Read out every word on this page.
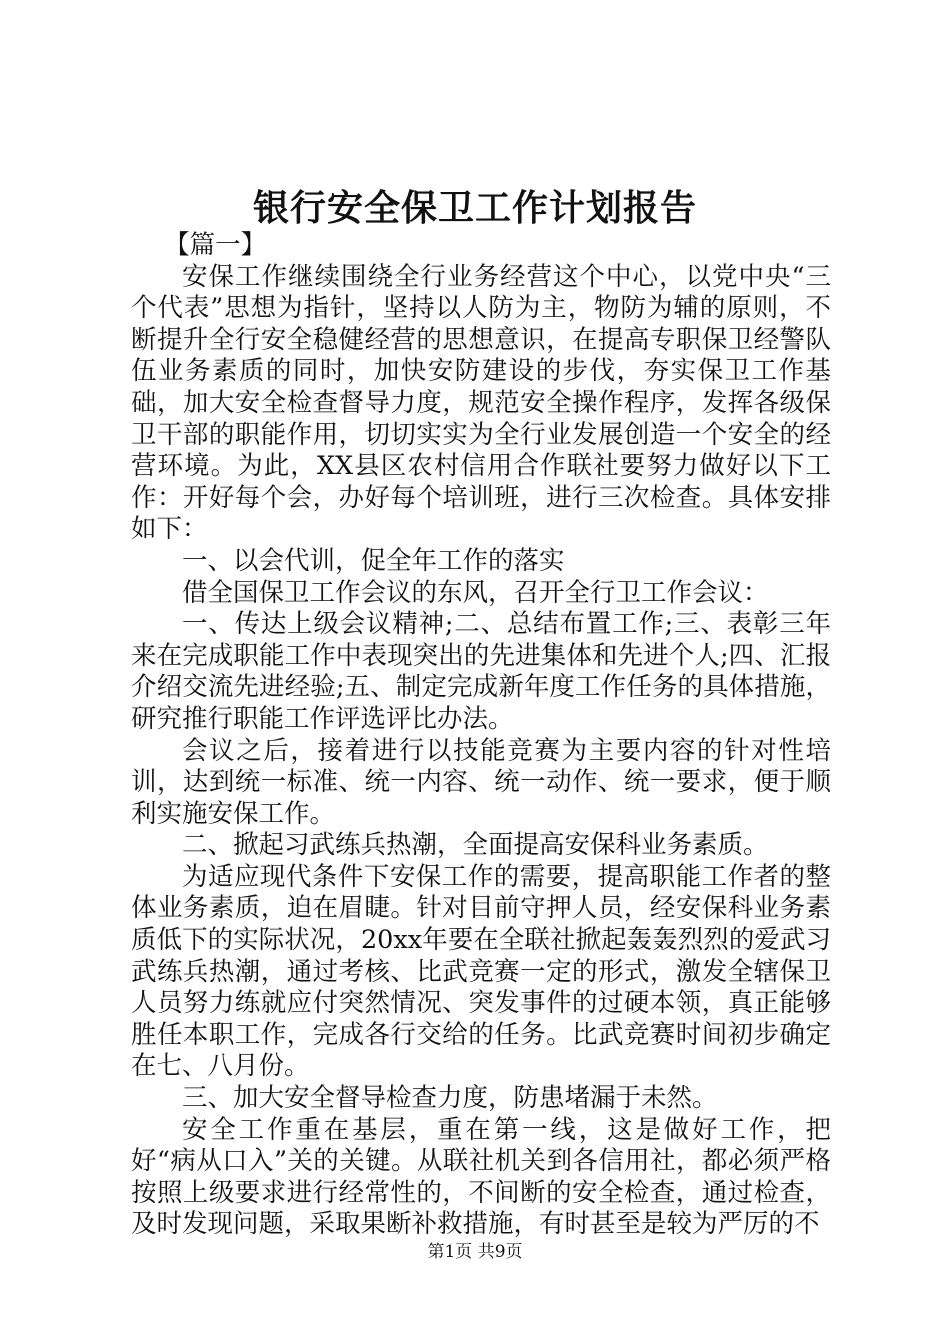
银行安全保卫工作计划报告

【篇一】

安保工作继续围绕全行业务经营这个中心，以党中央“三个代表”思想为指针，坚持以人防为主，物防为辅的原则，不断提升全行安全稳健经营的思想意识，在提高专职保卫经警队伍业务素质的同时，加快安防建设的步伐，夯实保卫工作基础，加大安全检查督导力度，规范安全操作程序，发挥各级保卫干部的职能作用，切切实实为全行业发展创造一个安全的经营环境。为此，XX县区农村信用合作联社要努力做好以下工作：开好每个会，办好每个培训班，进行三次检查。具体安排如下：

一、以会代训，促全年工作的落实

借全国保卫工作会议的东风，召开全行卫工作会议：

一、传达上级会议精神;二、总结布置工作;三、表彰三年来在完成职能工作中表现突出的先进集体和先进个人;四、汇报介绍交流先进经验;五、制定完成新年度工作任务的具体措施，研究推行职能工作评选评比办法。

会议之后，接着进行以技能竞赛为主要内容的针对性培训，达到统一标准、统一内容、统一动作、统一要求，便于顺利实施安保工作。

二、掀起习武练兵热潮，全面提高安保科业务素质。

为适应现代条件下安保工作的需要，提高职能工作者的整体业务素质，迫在眉睫。针对目前守押人员，经安保科业务素质低下的实际状况，20xx年要在全联社掀起轰轰烈烈的爱武习武练兵热潮，通过考核、比武竞赛一定的形式，激发全辖保卫人员努力练就应付突然情况、突发事件的过硬本领，真正能够胜任本职工作，完成各行交给的任务。比武竞赛时间初步确定在七、八月份。

三、加大安全督导检查力度，防患堵漏于未然。

安全工作重在基层，重在第一线，这是做好工作，把好“病从口入”关的关键。从联社机关到各信用社，都必须严格按照上级要求进行经常性的，不间断的安全检查，通过检查，及时发现问题，采取果断补救措施，有时甚至是较为严厉的不

第1页 共9页
